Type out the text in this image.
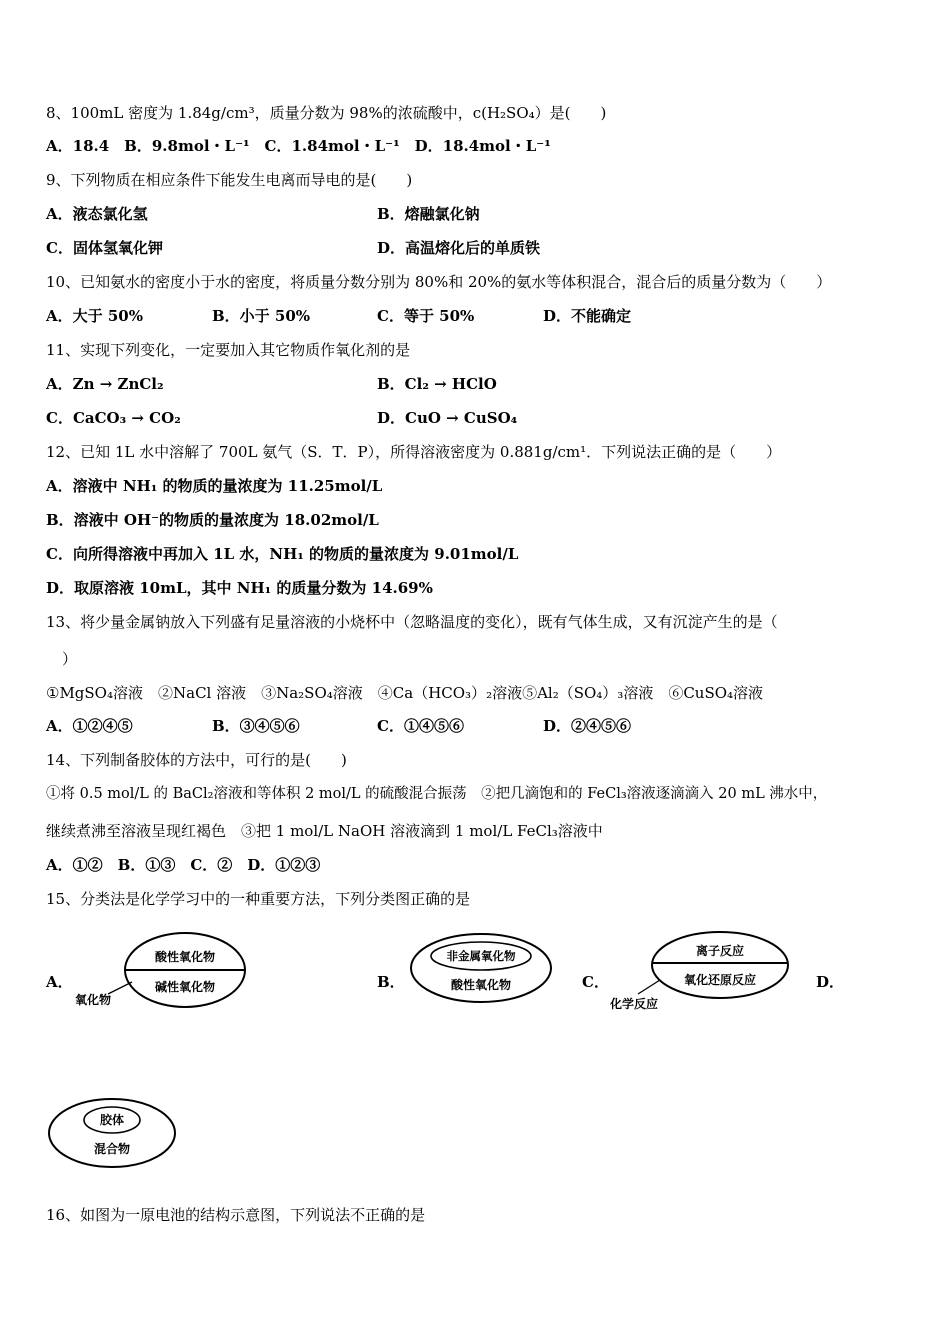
8、100mL 密度为 1.84g/cm³，质量分数为 98%的浓硫酸中，c(H₂SO₄）是(　　)
A．18.4　B．9.8mol・L⁻¹　C．1.84mol・L⁻¹　D．18.4mol・L⁻¹
9、下列物质在相应条件下能发生电离而导电的是(　　)
A．液态氯化氢	B．熔融氯化钠
C．固体氢氧化钾	D．高温熔化后的单质铁
10、已知氨水的密度小于水的密度，将质量分数分别为 80%和 20%的氨水等体积混合，混合后的质量分数为（　　）
A．大于 50%	B．小于 50%	C．等于 50%	D．不能确定
11、实现下列变化，一定要加入其它物质作氧化剂的是
A．Zn → ZnCl₂	B．Cl₂ → HClO
C．CaCO₃ → CO₂	D．CuO → CuSO₄
12、已知 1L 水中溶解了 700L 氨气（S．T．P），所得溶液密度为 0.881g/cm¹．下列说法正确的是（　　）
A．溶液中 NH₁ 的物质的量浓度为 11.25mol/L
B．溶液中 OH⁻的物质的量浓度为 18.02mol/L
C．向所得溶液中再加入 1L 水，NH₁ 的物质的量浓度为 9.01mol/L
D．取原溶液 10mL，其中 NH₁ 的质量分数为 14.69%
13、将少量金属钠放入下列盛有足量溶液的小烧杯中（忽略温度的变化），既有气体生成，又有沉淀产生的是（
）
①MgSO₄溶液　②NaCl 溶液　③Na₂SO₄溶液　④Ca（HCO₃）₂溶液⑤Al₂（SO₄）₃溶液　⑥CuSO₄溶液
A．①②④⑤	B．③④⑤⑥	C．①④⑤⑥	D．②④⑤⑥
14、下列制备胶体的方法中，可行的是(　　)
①将 0.5 mol/L 的 BaCl₂溶液和等体积 2 mol/L 的硫酸混合振荡　②把几滴饱和的 FeCl₃溶液逐滴滴入 20 mL 沸水中，
继续煮沸至溶液呈现红褐色　③把 1 mol/L NaOH 溶液滴到 1 mol/L FeCl₃溶液中
A．①②　B．①③　C．②　D．①②③
15、分类法是化学学习中的一种重要方法，下列分类图正确的是
A．
酸性氧化物
碱性氧化物
氧化物
B．
非金属氧化物
酸性氧化物	C．
离子反应
氧化还原反应
化学反应
D．
胶体
混合物
16、如图为一原电池的结构示意图，下列说法不正确的是
